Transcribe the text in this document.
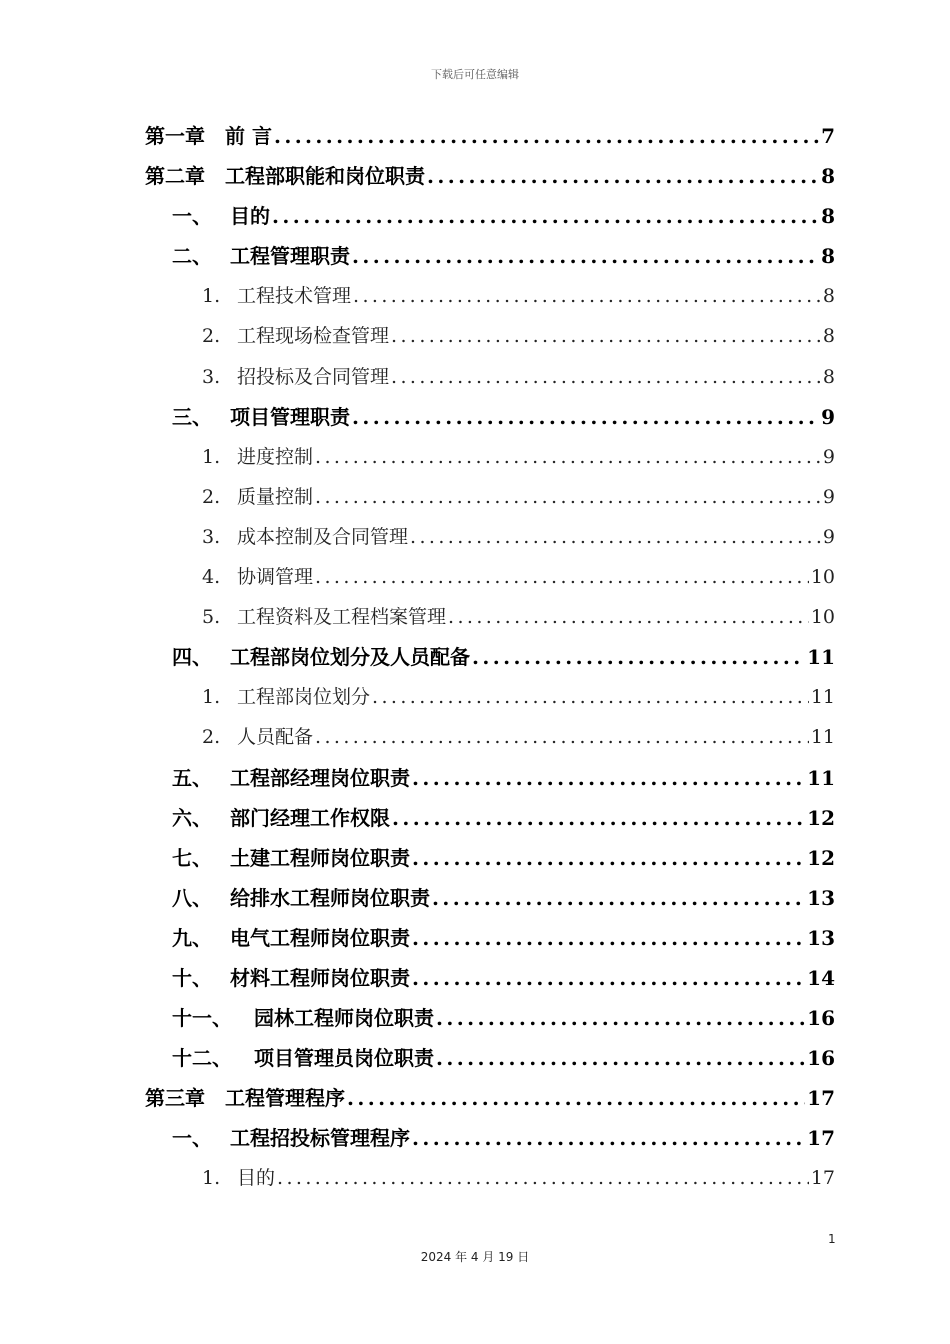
下载后可任意编辑
第一章	前 言 .....	7
第二章	工程部职能和岗位职责 .....	8
一、 目的 .....	8
二、 工程管理职责 .....	8
1. 工程技术管理 .....	8
2. 工程现场检查管理 .....	8
3. 招投标及合同管理 .....	8
三、 项目管理职责 .....	9
1. 进度控制 .....	9
2. 质量控制 .....	9
3. 成本控制及合同管理 .....	9
4. 协调管理 .....	10
5. 工程资料及工程档案管理 .....	10
四、 工程部岗位划分及人员配备 .....	11
1. 工程部岗位划分 .....	11
2. 人员配备 .....	11
五、 工程部经理岗位职责 .....	11
六、 部门经理工作权限 .....	12
七、 土建工程师岗位职责 .....	12
八、 给排水工程师岗位职责 .....	13
九、 电气工程师岗位职责 .....	13
十、 材料工程师岗位职责 .....	14
十一、	园林工程师岗位职责 .....	16
十二、	项目管理员岗位职责 .....	16
第三章	工程管理程序 .....	17
一、 工程招投标管理程序 .....	17
1. 目的 .....	17
1
2024 年 4 月 19 日
